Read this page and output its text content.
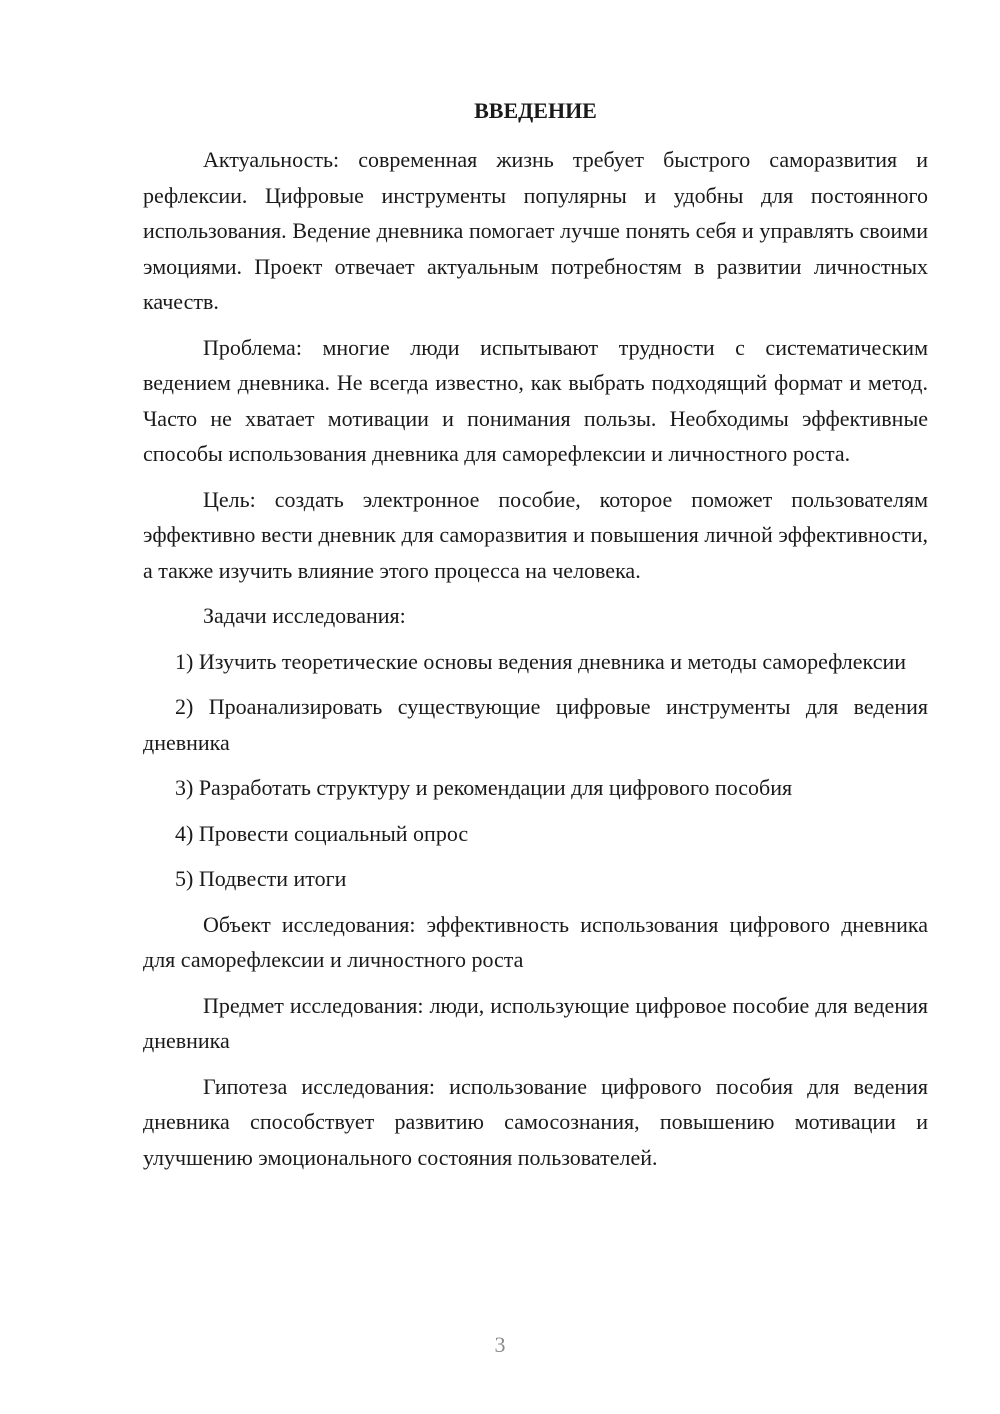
ВВЕДЕНИЕ

Актуальность: современная жизнь требует быстрого саморазвития и рефлексии. Цифровые инструменты популярны и удобны для постоянного использования. Ведение дневника помогает лучше понять себя и управлять своими эмоциями. Проект отвечает актуальным потребностям в развитии личностных качеств.

Проблема: многие люди испытывают трудности с систематическим ведением дневника. Не всегда известно, как выбрать подходящий формат и метод. Часто не хватает мотивации и понимания пользы. Необходимы эффективные способы использования дневника для саморефлексии и личностного роста.

Цель: создать электронное пособие, которое поможет пользователям эффективно вести дневник для саморазвития и повышения личной эффективности, а также изучить влияние этого процесса на человека.

Задачи исследования:

1) Изучить теоретические основы ведения дневника и методы саморефлексии

2) Проанализировать существующие цифровые инструменты для ведения дневника

3) Разработать структуру и рекомендации для цифрового пособия

4) Провести социальный опрос

5) Подвести итоги

Объект исследования: эффективность использования цифрового дневника для саморефлексии и личностного роста

Предмет исследования: люди, использующие цифровое пособие для ведения дневника

Гипотеза исследования: использование цифрового пособия для ведения дневника способствует развитию самосознания, повышению мотивации и улучшению эмоционального состояния пользователей.

3
